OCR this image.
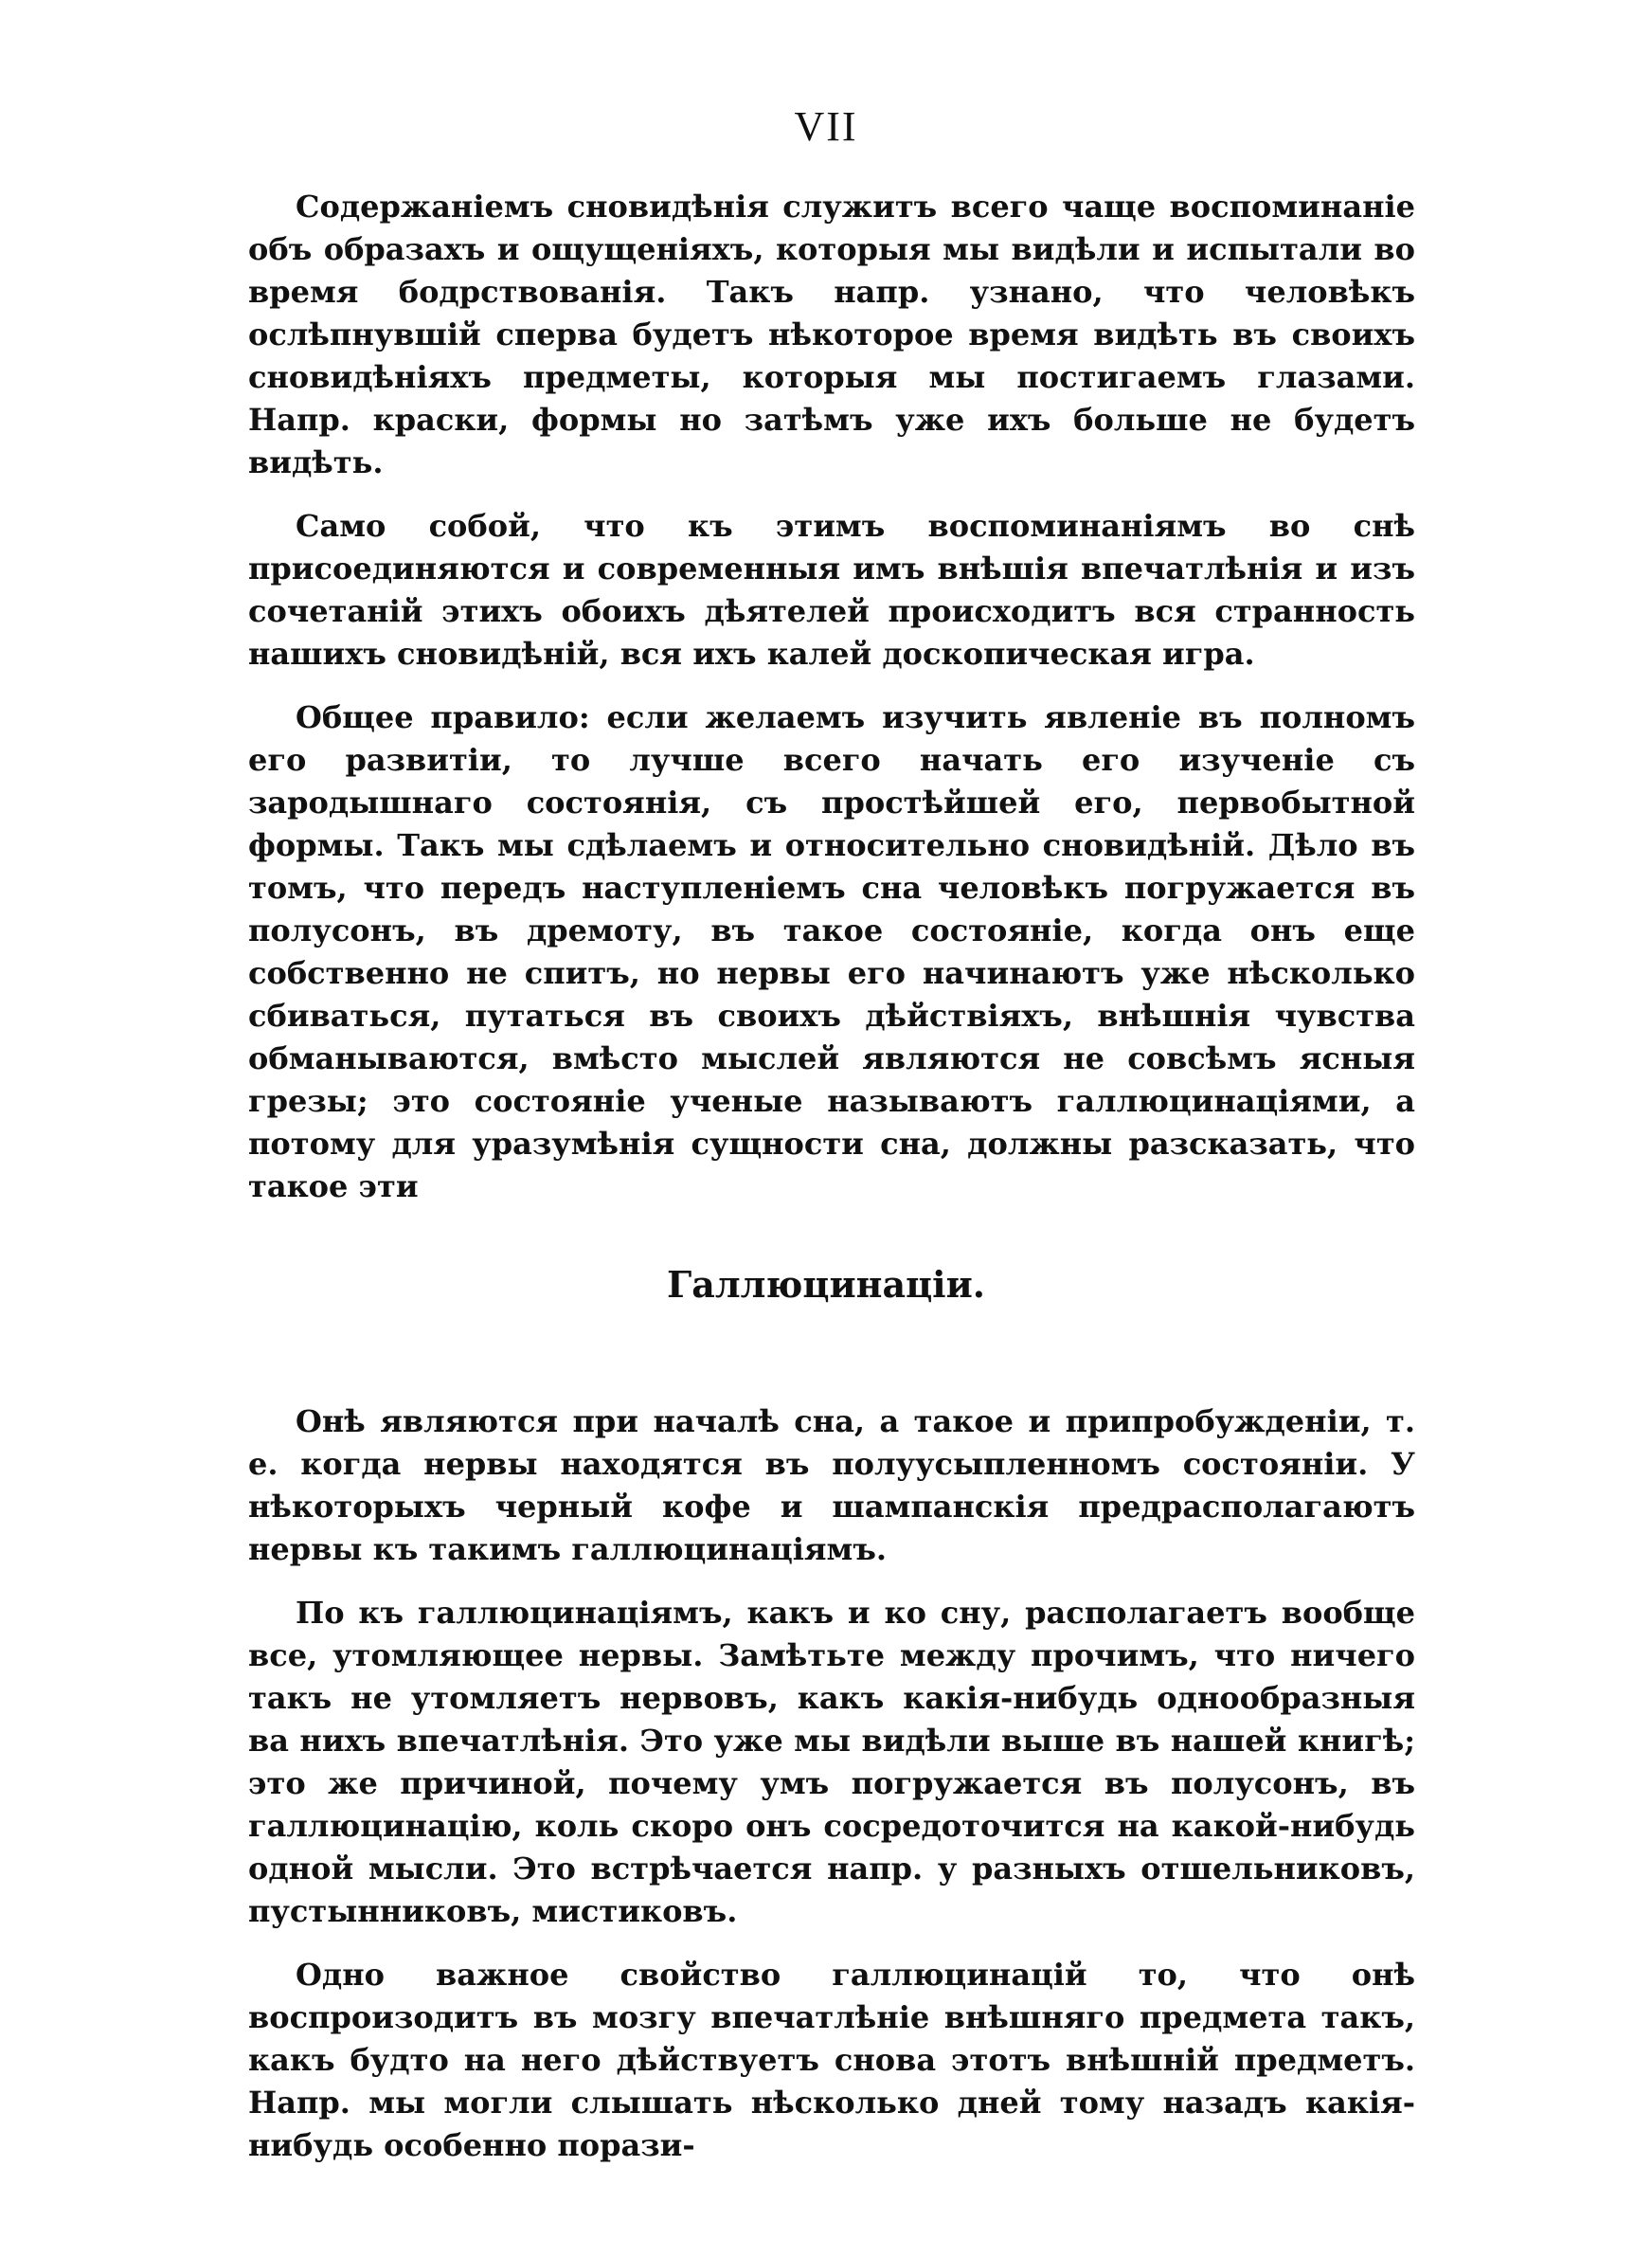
VII

Содержаніемъ сновидѣнія служитъ всего чаще воспоминаніе объ образахъ и ощущеніяхъ, которыя мы видѣли и испытали во время бодрствованія. Такъ напр. узнано, что человѣкъ ослѣпнувшій сперва будетъ нѣкоторое время видѣть въ своихъ сновидѣніяхъ предметы, которыя мы постигаемъ глазами. Напр. краски, формы но затѣмъ уже ихъ больше не будетъ видѣть.

Само собой, что къ этимъ воспоминаніямъ во снѣ присоединяются и современныя имъ внѣшія впечатлѣнія и изъ сочетаній этихъ обоихъ дѣятелей происходитъ вся странность нашихъ сновидѣній, вся ихъ калей доскопическая игра.

Общее правило: если желаемъ изучить явленіе въ полномъ его развитіи, то лучше всего начать его изученіе съ зародышнаго состоянія, съ простѣйшей его, первобытной формы. Такъ мы сдѣлаемъ и относительно сновидѣній. Дѣло въ томъ, что передъ наступленіемъ сна человѣкъ погружается въ полусонъ, въ дремоту, въ такое состояніе, когда онъ еще собственно не спитъ, но нервы его начинаютъ уже нѣсколько сбиваться, путаться въ своихъ дѣйствіяхъ, внѣшнія чувства обманываются, вмѣсто мыслей являются не совсѣмъ ясныя грезы; это состояніе ученые называютъ галлюцинаціями, а потому для уразумѣнія сущности сна, должны разсказать, что такое эти

Галлюцинаціи.

Онѣ являются при началѣ сна, а такое и припробужденіи, т. е. когда нервы находятся въ полуусыпленномъ состояніи. У нѣкоторыхъ черный кофе и шампанскія предрасполагаютъ нервы къ такимъ галлюцинаціямъ.

По къ галлюцинаціямъ, какъ и ко сну, располагаетъ вообще все, утомляющее нервы. Замѣтьте между прочимъ, что ничего такъ не утомляетъ нервовъ, какъ какія-нибудь однообразныя ва нихъ впечатлѣнія. Это уже мы видѣли выше въ нашей книгѣ; это же причиной, почему умъ погружается въ полусонъ, въ галлюцинацію, коль скоро онъ сосредоточится на какой-нибудь одной мысли. Это встрѣчается напр. у разныхъ отшельниковъ, пустынниковъ, мистиковъ.

Одно важное свойство галлюцинацій то, что онѣ воспроизодитъ въ мозгу впечатлѣніе внѣшняго предмета такъ, какъ будто на него дѣйствуетъ снова этотъ внѣшній предметъ. Напр. мы могли слышать нѣсколько дней тому назадъ какія-нибудь особенно порази-
